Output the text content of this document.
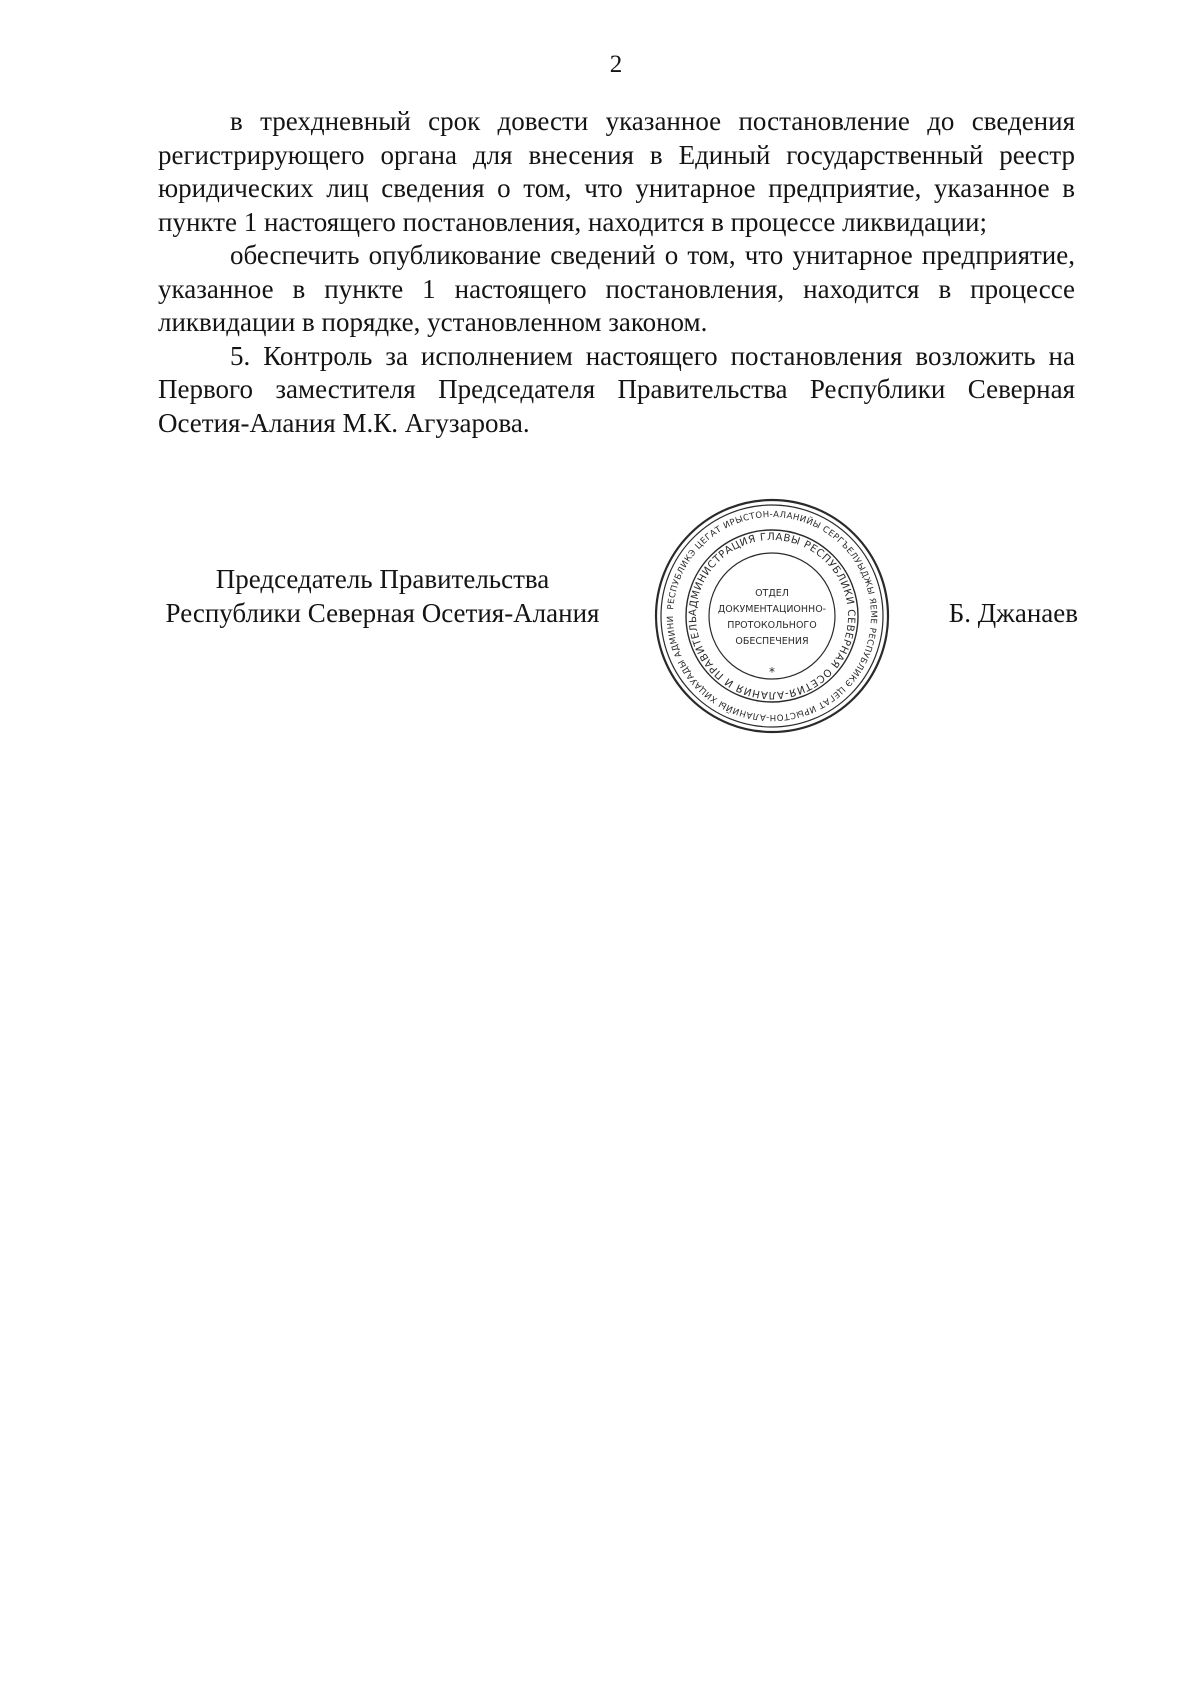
2

в трехдневный срок довести указанное постановление до сведения регистрирующего органа для внесения в Единый государственный реестр юридических лиц сведения о том, что унитарное предприятие, указанное в пункте 1 настоящего постановления, находится в процессе ликвидации;

обеспечить опубликование сведений о том, что унитарное предприятие, указанное в пункте 1 настоящего постановления, находится в процессе ликвидации в порядке, установленном законом.

5. Контроль за исполнением настоящего постановления возложить на Первого заместителя Председателя Правительства Республики Северная Осетия-Алания М.К. Агузарова.

Председатель Правительства
Республики Северная Осетия-Алания	РЕСПУБЛИКЭ ЦЕГАТ ИРЫСТОН-АЛАНИЙЫ СЕРГЪЕЛУЫДЖЫ ЯЕМЕ РЕСПУБЛИКЭ ЦЕГАТ ИРЫСТОН-АЛАНИЙЫ ХИЦАУАДЫ АДМИНИ
АДМИНИСТРАЦИЯ ГЛАВЫ РЕСПУБЛИКИ СЕВЕРНАЯ ОСЕТИЯ-АЛАНИЯ И ПРАВИТЕЛЬ
ОТДЕЛ
ДОКУМЕНТАЦИОННО-
ПРОТОКОЛЬНОГО
ОБЕСПЕЧЕНИЯ
*
Б. Джанаев
